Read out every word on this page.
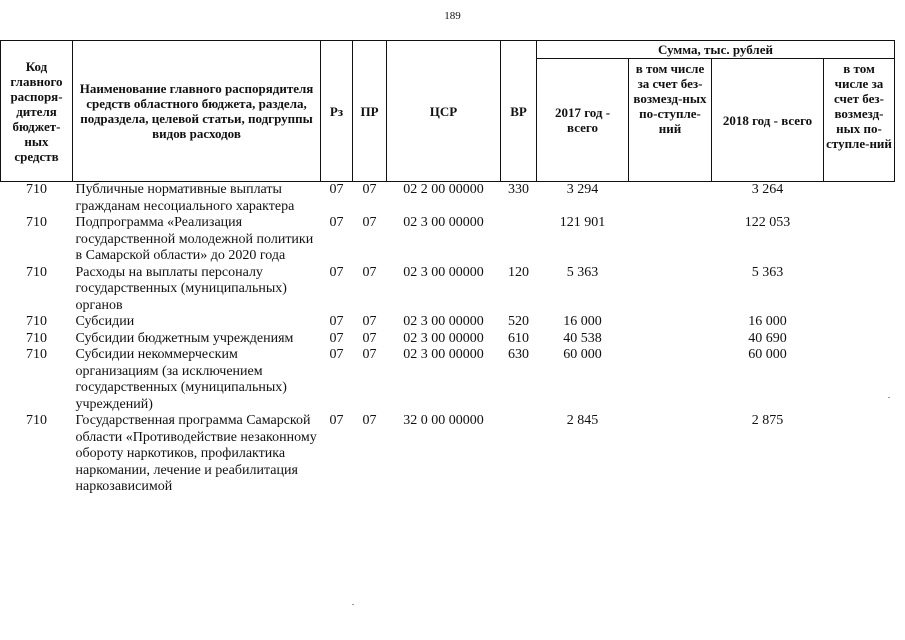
189
Код главного распоря-дителя бюджет-ных средств	Наименование главного распорядителя средств областного бюджета, раздела, подраздела, целевой статьи, подгруппы видов расходов	Рз	ПР	ЦСР	ВР	Сумма, тыс. рублей			
						2017 год - всего	в том числе за счет без-возмезд-ных по-ступле-ний	2018 год - всего	в том числе за счет без-возмезд-ных по-ступле-ний
710	Публичные нормативные выплаты гражданам несоциального характера	07	07	02 2 00 00000	330	3 294		3 264	
710	Подпрограмма «Реализация государственной молодежной политики в Самарской области» до 2020 года	07	07	02 3 00 00000		121 901		122 053	
710	Расходы на выплаты персоналу государственных (муниципальных) органов	07	07	02 3 00 00000	120	5 363		5 363	
710	Субсидии	07	07	02 3 00 00000	520	16 000		16 000	
710	Субсидии бюджетным учреждениям	07	07	02 3 00 00000	610	40 538		40 690	
710	Субсидии некоммерческим организациям (за исключением государственных (муниципальных) учреждений)	07	07	02 3 00 00000	630	60 000		60 000	
710	Государственная программа Самарской области «Противодействие незаконному обороту наркотиков, профилактика наркомании, лечение и реабилитация наркозависимой	07	07	32 0 00 00000		2 845		2 875	
